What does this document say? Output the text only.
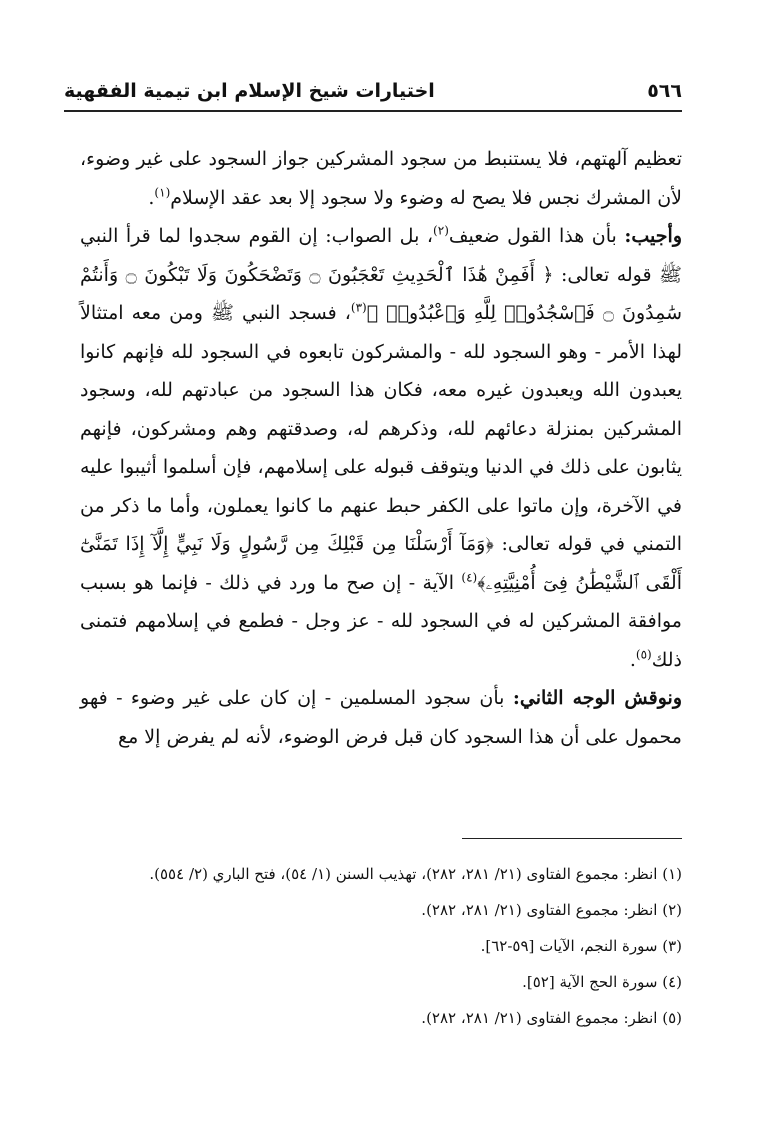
٥٦٦
اختيارات شيخ الإسلام ابن تيمية الفقهية

تعظيم آلهتهم، فلا يستنبط من سجود المشركين جواز السجود على غير وضوء، لأن المشرك نجس فلا يصح له وضوء ولا سجود إلا بعد عقد الإسلام$^{(١)}$.

وأجيب: بأن هذا القول ضعيف$^{(٢)}$، بل الصواب: إن القوم سجدوا لما قرأ النبي ﷺ قوله تعالى: ﴿ أَفَمِنْ هَٰذَا ٱلْحَدِيثِ تَعْجَبُونَ ۝ وَتَضْحَكُونَ وَلَا تَبْكُونَ ۝ وَأَنتُمْ سَٰمِدُونَ ۝ فَٱسْجُدُوا۟ لِلَّهِ وَٱعْبُدُوا۟ ﴾$^{(٣)}$، فسجد النبي ﷺ ومن معه امتثالاً لهذا الأمر - وهو السجود لله - والمشركون تابعوه في السجود لله فإنهم كانوا يعبدون الله ويعبدون غيره معه، فكان هذا السجود من عبادتهم لله، وسجود المشركين بمنزلة دعائهم لله، وذكرهم له، وصدقتهم وهم ومشركون، فإنهم يثابون على ذلك في الدنيا ويتوقف قبوله على إسلامهم، فإن أسلموا أثيبوا عليه في الآخرة، وإن ماتوا على الكفر حبط عنهم ما كانوا يعملون، وأما ما ذكر من التمني في قوله تعالى: ﴿وَمَآ أَرْسَلْنَا مِن قَبْلِكَ مِن رَّسُولٍ وَلَا نَبِيٍّ إِلَّآ إِذَا تَمَنَّىٰٓ أَلْقَى ٱلشَّيْطَٰنُ فِىٓ أُمْنِيَّتِهِۦ﴾$^{(٤)}$ الآية - إن صح ما ورد في ذلك - فإنما هو بسبب موافقة المشركين له في السجود لله - عز وجل - فطمع في إسلامهم فتمنى ذلك$^{(٥)}$.

ونوقش الوجه الثاني: بأن سجود المسلمين - إن كان على غير وضوء - فهو محمول على أن هذا السجود كان قبل فرض الوضوء، لأنه لم يفرض إلا مع

(١) انظر: مجموع الفتاوى (٢١/ ٢٨١، ٢٨٢)، تهذيب السنن (١/ ٥٤)، فتح الباري (٢/ ٥٥٤).

(٢) انظر: مجموع الفتاوى (٢١/ ٢٨١، ٢٨٢).

(٣) سورة النجم، الآيات [٥٩-٦٢].

(٤) سورة الحج الآية [٥٢].

(٥) انظر: مجموع الفتاوى (٢١/ ٢٨١، ٢٨٢).
